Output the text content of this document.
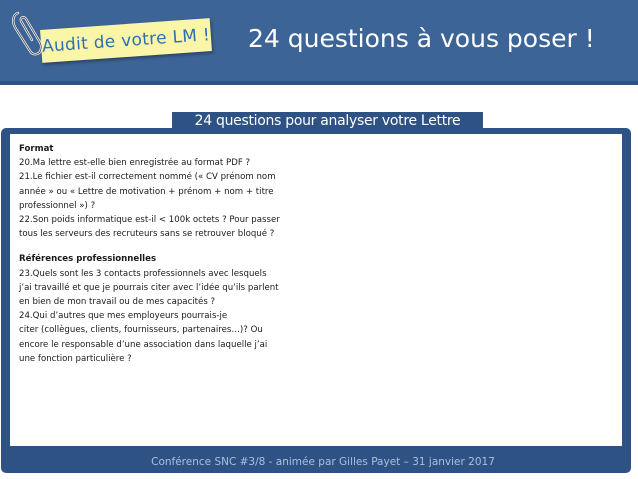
Audit de votre LM ! 24 questions à vous poser !
24 questions pour analyser votre Lettre

Format

20.Ma lettre est-elle bien enregistrée au format PDF ?

21.Le fichier est-il correctement nommé (« CV prénom nom

année » ou « Lettre de motivation + prénom + nom + titre

professionnel ») ?

22.Son poids informatique est-il < 100k octets ? Pour passer

tous les serveurs des recruteurs sans se retrouver bloqué ?

Références professionnelles

23.Quels sont les 3 contacts professionnels avec lesquels

j’ai travaillé et que je pourrais citer avec l’idée qu’ils parlent

en bien de mon travail ou de mes capacités ?

24.Qui d’autres que mes employeurs pourrais-je

citer (collègues, clients, fournisseurs, partenaires…)? Ou

encore le responsable d’une association dans laquelle j’ai

une fonction particulière ?

Conférence SNC #3/8 - animée par Gilles Payet – 31 janvier 2017
